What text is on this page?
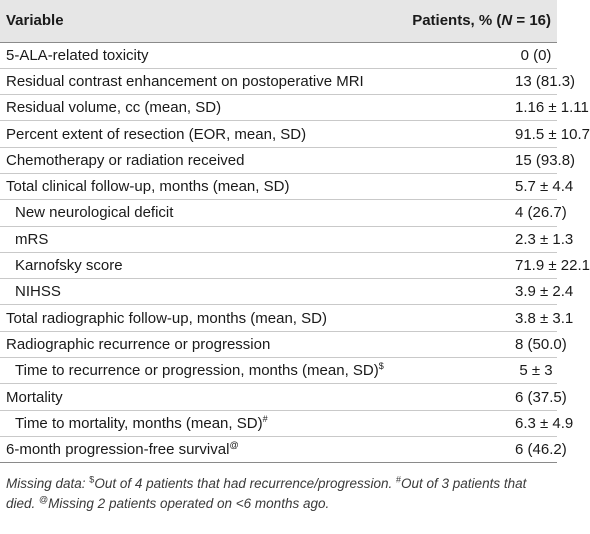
Variable	Patients, % (N = 16)
5-ALA-related toxicity	0 (0)
Residual contrast enhancement on postoperative MRI	13 (81.3)
Residual volume, cc (mean, SD)	1.16 ± 1.11
Percent extent of resection (EOR, mean, SD)	91.5 ± 10.7
Chemotherapy or radiation received	15 (93.8)
Total clinical follow-up, months (mean, SD)	5.7 ± 4.4
New neurological deficit	4 (26.7)
mRS	2.3 ± 1.3
Karnofsky score	71.9 ± 22.1
NIHSS	3.9 ± 2.4
Total radiographic follow-up, months (mean, SD)	3.8 ± 3.1
Radiographic recurrence or progression	8 (50.0)
Time to recurrence or progression, months (mean, SD)$	5 ± 3
Mortality	6 (37.5)
Time to mortality, months (mean, SD)#	6.3 ± 4.9
6-month progression-free survival@	6 (46.2)
Missing data: $Out of 4 patients that had recurrence/progression. #Out of 3 patients that died. @Missing 2 patients operated on <6 months ago.
